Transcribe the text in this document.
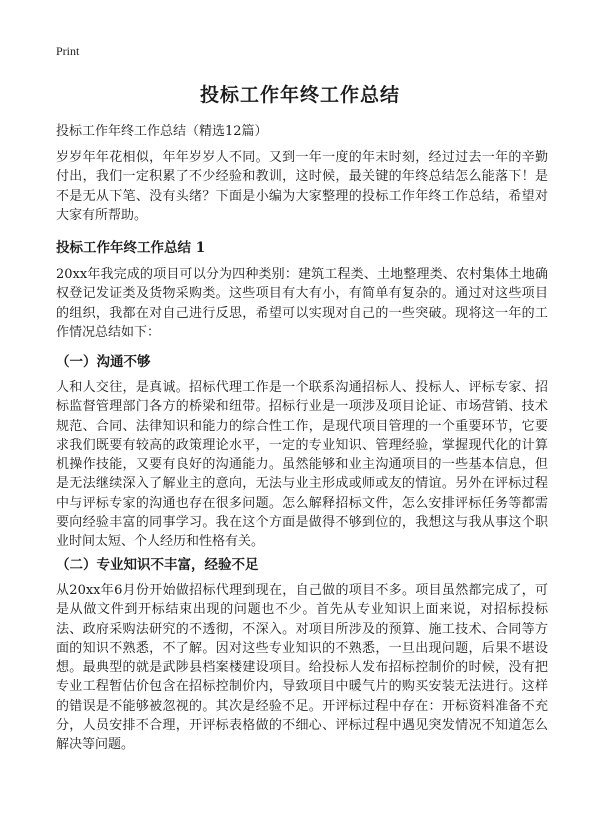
Print
投标工作年终工作总结
投标工作年终工作总结（精选12篇）

岁岁年年花相似，年年岁岁人不同。又到一年一度的年末时刻，经过过去一年的辛勤付出，我们一定积累了不少经验和教训，这时候，最关键的年终总结怎么能落下！是不是无从下笔、没有头绪？下面是小编为大家整理的投标工作年终工作总结，希望对大家有所帮助。

投标工作年终工作总结 1

20xx年我完成的项目可以分为四种类别：建筑工程类、土地整理类、农村集体土地确权登记发证类及货物采购类。这些项目有大有小，有简单有复杂的。通过对这些项目的组织，我都在对自己进行反思，希望可以实现对自己的一些突破。现将这一年的工作情况总结如下：

（一）沟通不够

人和人交往，是真诚。招标代理工作是一个联系沟通招标人、投标人、评标专家、招标监督管理部门各方的桥梁和纽带。招标行业是一项涉及项目论证、市场营销、技术规范、合同、法律知识和能力的综合性工作，是现代项目管理的一个重要环节，它要求我们既要有较高的政策理论水平，一定的专业知识、管理经验，掌握现代化的计算机操作技能，又要有良好的沟通能力。虽然能够和业主沟通项目的一些基本信息，但是无法继续深入了解业主的意向，无法与业主形成或师或友的情谊。另外在评标过程中与评标专家的沟通也存在很多问题。怎么解释招标文件，怎么安排评标任务等都需要向经验丰富的同事学习。我在这个方面是做得不够到位的，我想这与我从事这个职业时间太短、个人经历和性格有关。

（二）专业知识不丰富，经验不足

从20xx年6月份开始做招标代理到现在，自己做的项目不多。项目虽然都完成了，可是从做文件到开标结束出现的问题也不少。首先从专业知识上面来说，对招标投标法、政府采购法研究的不透彻，不深入。对项目所涉及的预算、施工技术、合同等方面的知识不熟悉，不了解。因对这些专业知识的不熟悉，一旦出现问题，后果不堪设想。最典型的就是武陟县档案楼建设项目。给投标人发布招标控制价的时候，没有把专业工程暂估价包含在招标控制价内，导致项目中暖气片的购买安装无法进行。这样的错误是不能够被忽视的。其次是经验不足。开评标过程中存在：开标资料准备不充分，人员安排不合理，开评标表格做的不细心、评标过程中遇见突发情况不知道怎么解决等问题。
